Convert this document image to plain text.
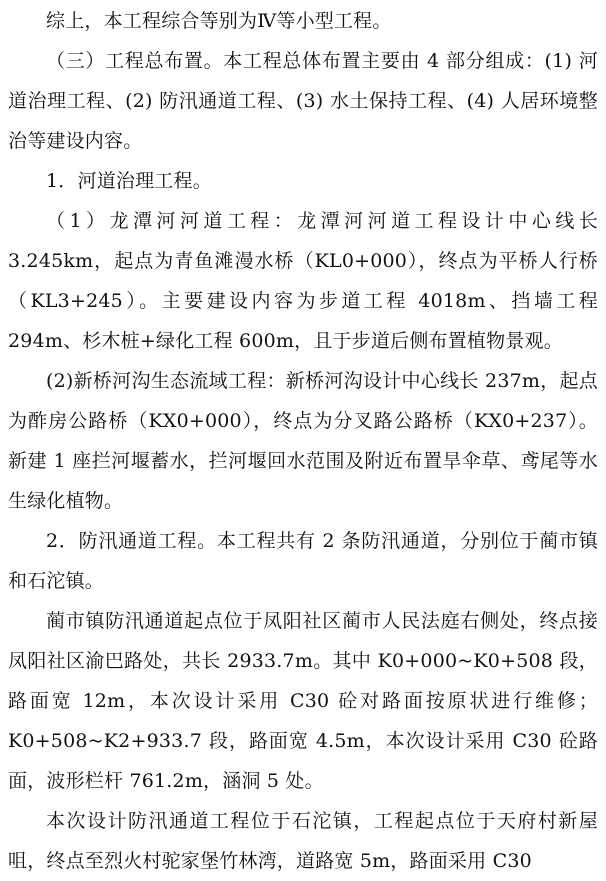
综上，本工程综合等别为Ⅳ等小型工程。

（三）工程总布置。本工程总体布置主要由 4 部分组成：(1) 河道治理工程、(2) 防汛通道工程、(3) 水土保持工程、(4) 人居环境整治等建设内容。

1．河道治理工程。

（1）龙潭河河道工程：龙潭河河道工程设计中心线长 3.245km，起点为青鱼滩漫水桥（KL0+000），终点为平桥人行桥（KL3+245）。主要建设内容为步道工程 4018m、挡墙工程 294m、杉木桩+绿化工程 600m，且于步道后侧布置植物景观。

(2)新桥河沟生态流域工程：新桥河沟设计中心线长 237m，起点为酢房公路桥（KX0+000），终点为分叉路公路桥（KX0+237）。新建 1 座拦河堰蓄水，拦河堰回水范围及附近布置旱伞草、鸢尾等水生绿化植物。

2．防汛通道工程。本工程共有 2 条防汛通道，分别位于蔺市镇和石沱镇。

蔺市镇防汛通道起点位于凤阳社区蔺市人民法庭右侧处，终点接凤阳社区渝巴路处，共长 2933.7m。其中 K0+000~K0+508 段，路面宽 12m，本次设计采用 C30 砼对路面按原状进行维修；K0+508~K2+933.7 段，路面宽 4.5m，本次设计采用 C30 砼路面，波形栏杆 761.2m，涵洞 5 处。

本次设计防汛通道工程位于石沱镇，工程起点位于天府村新屋咀，终点至烈火村驼家堡竹林湾，道路宽 5m，路面采用 C30
